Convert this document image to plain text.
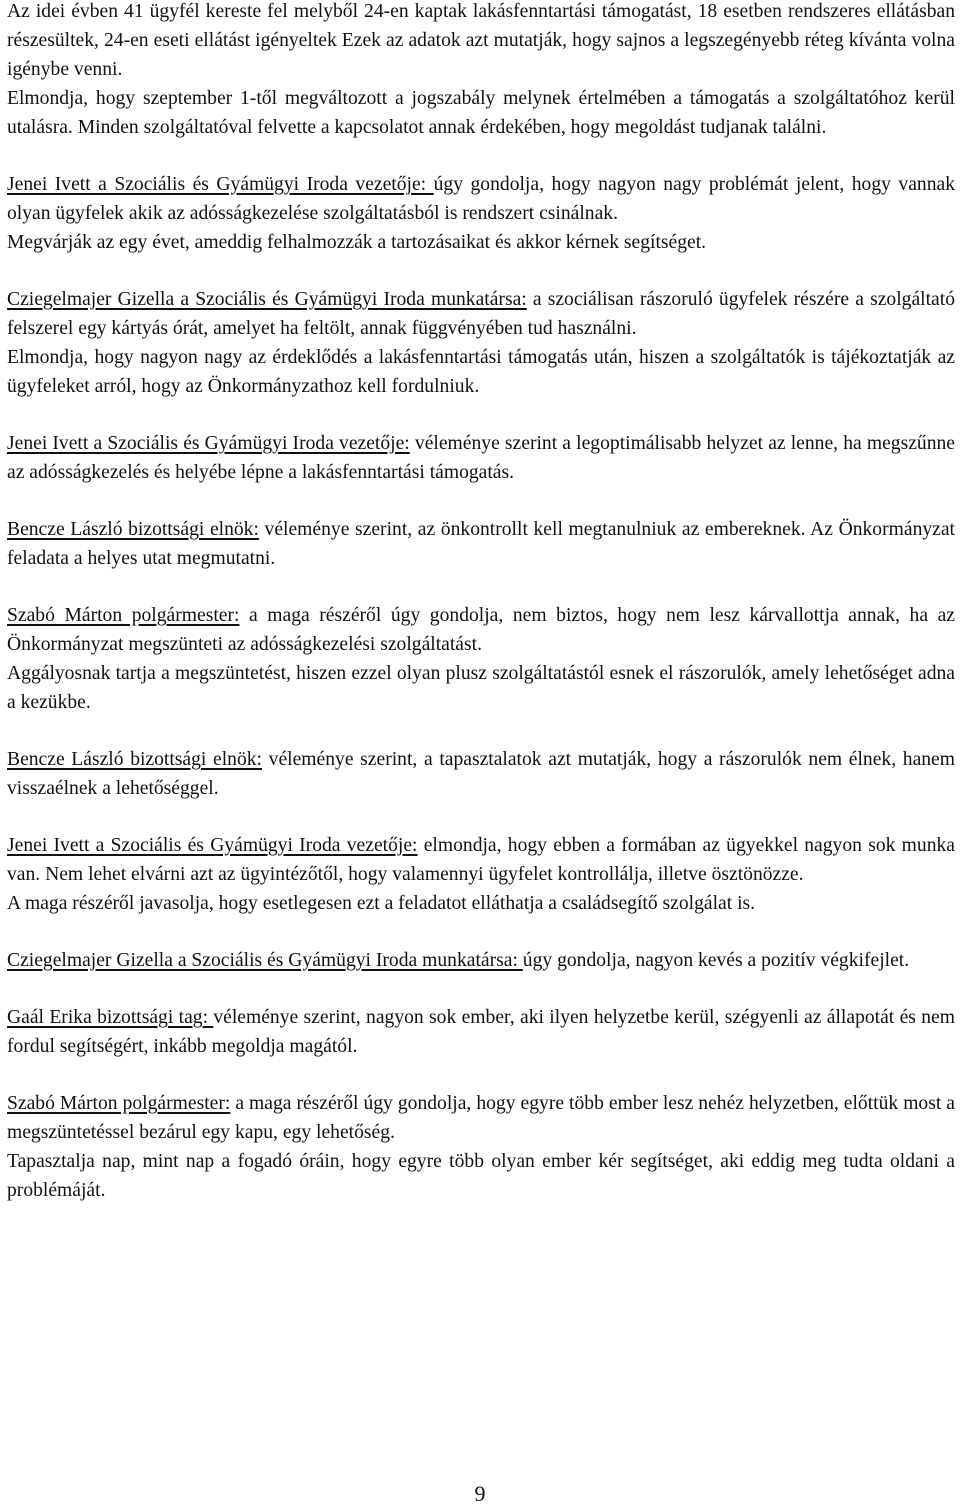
Az idei évben 41 ügyfél kereste fel melyből 24-en kaptak lakásfenntartási támogatást, 18 esetben rendszeres ellátásban részesültek, 24-en eseti ellátást igényeltek Ezek az adatok azt mutatják, hogy sajnos a legszegényebb réteg kívánta volna igénybe venni.
Elmondja, hogy szeptember 1-től megváltozott a jogszabály melynek értelmében a támogatás a szolgáltatóhoz kerül utalásra. Minden szolgáltatóval felvette a kapcsolatot annak érdekében, hogy megoldást tudjanak találni.
Jenei Ivett a Szociális és Gyámügyi Iroda vezetője: úgy gondolja, hogy nagyon nagy problémát jelent, hogy vannak olyan ügyfelek akik az adósságkezelése szolgáltatásból is rendszert csinálnak.
Megvárják az egy évet, ameddig felhalmozzák a tartozásaikat és akkor kérnek segítséget.
Cziegelmajer Gizella a Szociális és Gyámügyi Iroda munkatársa: a szociálisan rászoruló ügyfelek részére a szolgáltató felszerel egy kártyás órát, amelyet ha feltölt, annak függvényében tud használni.
Elmondja, hogy nagyon nagy az érdeklődés a lakásfenntartási támogatás után, hiszen a szolgáltatók is tájékoztatják az ügyfeleket arról, hogy az Önkormányzathoz kell fordulniuk.
Jenei Ivett a Szociális és Gyámügyi Iroda vezetője: véleménye szerint a legoptimálisabb helyzet az lenne, ha megszűnne az adósságkezelés és helyébe lépne a lakásfenntartási támogatás.
Bencze László bizottsági elnök: véleménye szerint, az önkontrollt kell megtanulniuk az embereknek. Az Önkormányzat feladata a helyes utat megmutatni.
Szabó Márton polgármester: a maga részéről úgy gondolja, nem biztos, hogy nem lesz kárvallottja annak, ha az Önkormányzat megszünteti az adósságkezelési szolgáltatást.
Aggályosnak tartja a megszüntetést, hiszen ezzel olyan plusz szolgáltatástól esnek el rászorulók, amely lehetőséget adna a kezükbe.
Bencze László bizottsági elnök: véleménye szerint, a tapasztalatok azt mutatják, hogy a rászorulók nem élnek, hanem visszaélnek a lehetőséggel.
Jenei Ivett a Szociális és Gyámügyi Iroda vezetője: elmondja, hogy ebben a formában az ügyekkel nagyon sok munka van. Nem lehet elvárni azt az ügyintézőtől, hogy valamennyi ügyfelet kontrollálja, illetve ösztönözze.
A maga részéről javasolja, hogy esetlegesen ezt a feladatot elláthatja a családsegítő szolgálat is.
Cziegelmajer Gizella a Szociális és Gyámügyi Iroda munkatársa: úgy gondolja, nagyon kevés a pozitív végkifejlet.
Gaál Erika bizottsági tag: véleménye szerint, nagyon sok ember, aki ilyen helyzetbe kerül, szégyenli az állapotát és nem fordul segítségért, inkább megoldja magától.
Szabó Márton polgármester: a maga részéről úgy gondolja, hogy egyre több ember lesz nehéz helyzetben, előttük most a megszüntetéssel bezárul egy kapu, egy lehetőség.
Tapasztalja nap, mint nap a fogadó óráin, hogy egyre több olyan ember kér segítséget, aki eddig meg tudta oldani a problémáját.
9
